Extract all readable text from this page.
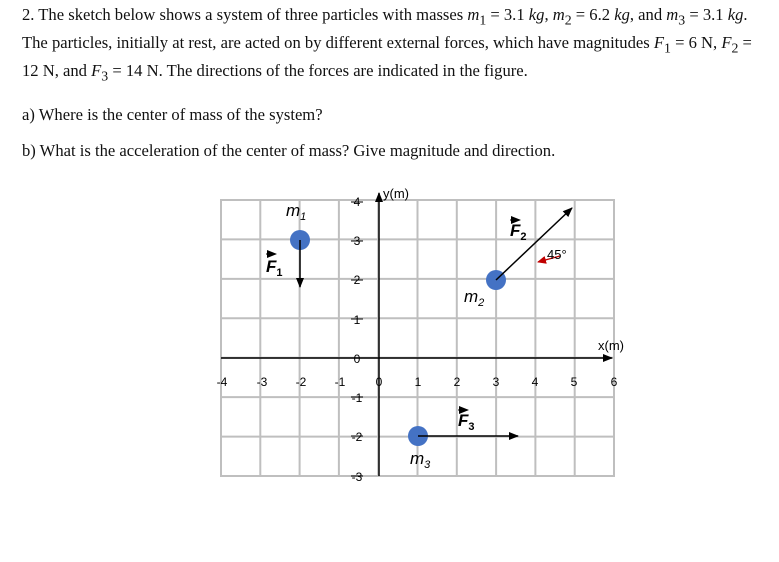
2. The sketch below shows a system of three particles with masses $m_1 = 3.1$ kg, $m_2 = 6.2$ kg, and $m_3 = 3.1$ kg. The particles, initially at rest, are acted on by different external forces, which have magnitudes $F_1 = 6$ N, $F_2 = 12$ N, and $F_3 = 14$ N. The directions of the forces are indicated in the figure.

a) Where is the center of mass of the system?
b) What is the acceleration of the center of mass? Give magnitude and direction.
x(m)
y(m)
-4 -3 -2 -1	0	1	2	3	4	5	6
4
3
2
1
0
-1
-2
-3
$m_1$
$F_1$
$m_2$
$F_2$
45°
$m_3$
$F_3$
